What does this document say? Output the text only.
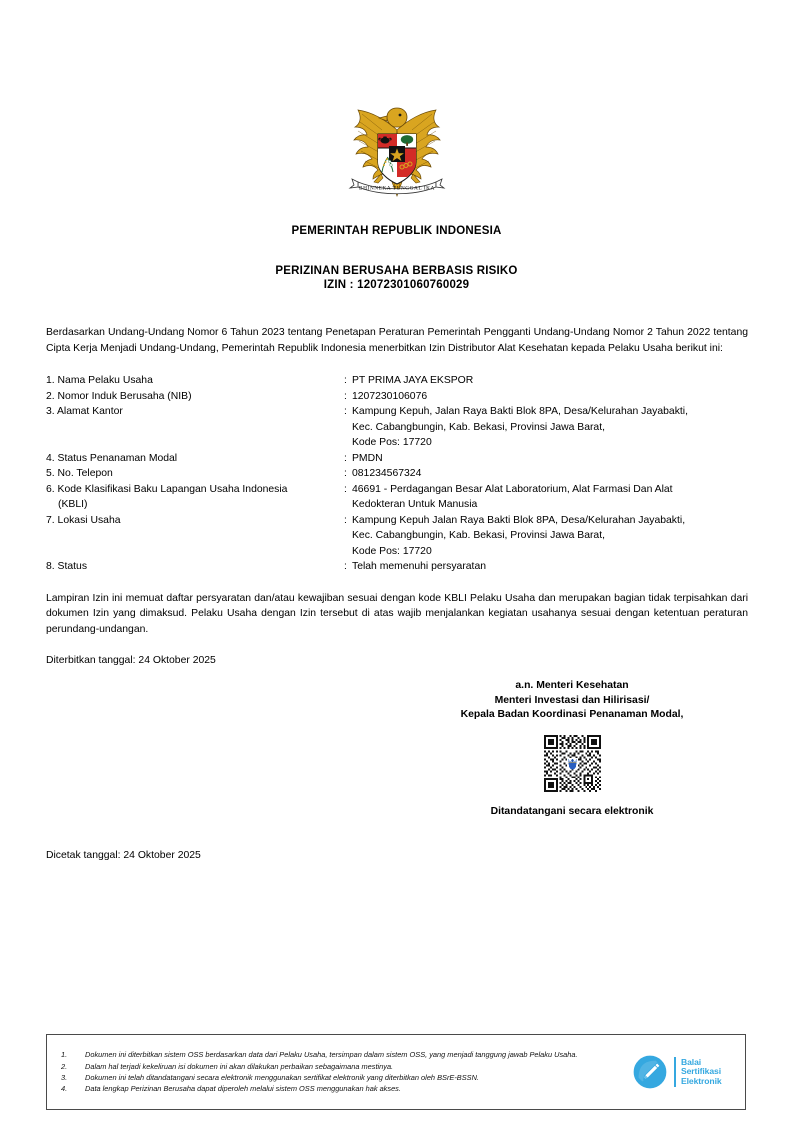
BHINNEKA TUNGGAL IKA
PEMERINTAH REPUBLIK INDONESIA
PERIZINAN BERUSAHA BERBASIS RISIKO
IZIN : 12072301060760029

Berdasarkan Undang-Undang Nomor 6 Tahun 2023 tentang Penetapan Peraturan Pemerintah Pengganti Undang-Undang Nomor 2 Tahun 2022 tentang Cipta Kerja Menjadi Undang-Undang, Pemerintah Republik Indonesia menerbitkan Izin Distributor Alat Kesehatan kepada Pelaku Usaha berikut ini:

1. Nama Pelaku Usaha	:	PT PRIMA JAYA EKSPOR

2. Nomor Induk Berusaha (NIB)	:	1207230106076

3. Alamat Kantor	:	Kampung Kepuh, Jalan Raya Bakti Blok 8PA, Desa/Kelurahan Jayabakti,
Kec. Cabangbungin, Kab. Bekasi, Provinsi Jawa Barat,
Kode Pos: 17720

4. Status Penanaman Modal	:	PMDN

5. No. Telepon	:	081234567324

6. Kode Klasifikasi Baku Lapangan Usaha Indonesia
(KBLI)	:	46691 - Perdagangan Besar Alat Laboratorium, Alat Farmasi Dan Alat
Kedokteran Untuk Manusia

7. Lokasi Usaha	:	Kampung Kepuh Jalan Raya Bakti Blok 8PA, Desa/Kelurahan Jayabakti,
Kec. Cabangbungin, Kab. Bekasi, Provinsi Jawa Barat,
Kode Pos: 17720

8. Status	:	Telah memenuhi persyaratan

Lampiran Izin ini memuat daftar persyaratan dan/atau kewajiban sesuai dengan kode KBLI Pelaku Usaha dan merupakan bagian tidak terpisahkan dari dokumen Izin yang dimaksud. Pelaku Usaha dengan Izin tersebut di atas wajib menjalankan kegiatan usahanya sesuai dengan ketentuan peraturan perundang-undangan.

Diterbitkan tanggal: 24 Oktober 2025
a.n. Menteri Kesehatan
Menteri Investasi dan Hilirisasi/
Kepala Badan Koordinasi Penanaman Modal,
Ditandatangani secara elektronik
Dicetak tanggal: 24 Oktober 2025
Dokumen ini diterbitkan sistem OSS berdasarkan data dari Pelaku Usaha, tersimpan dalam sistem OSS, yang menjadi tanggung jawab Pelaku Usaha.
Dalam hal terjadi kekeliruan isi dokumen ini akan dilakukan perbaikan sebagaimana mestinya.
Dokumen ini telah ditandatangani secara elektronik menggunakan sertifikat elektronik yang diterbitkan oleh BSrE-BSSN.
Data lengkap Perizinan Berusaha dapat diperoleh melalui sistem OSS menggunakan hak akses.
Balai
Sertifikasi
Elektronik
